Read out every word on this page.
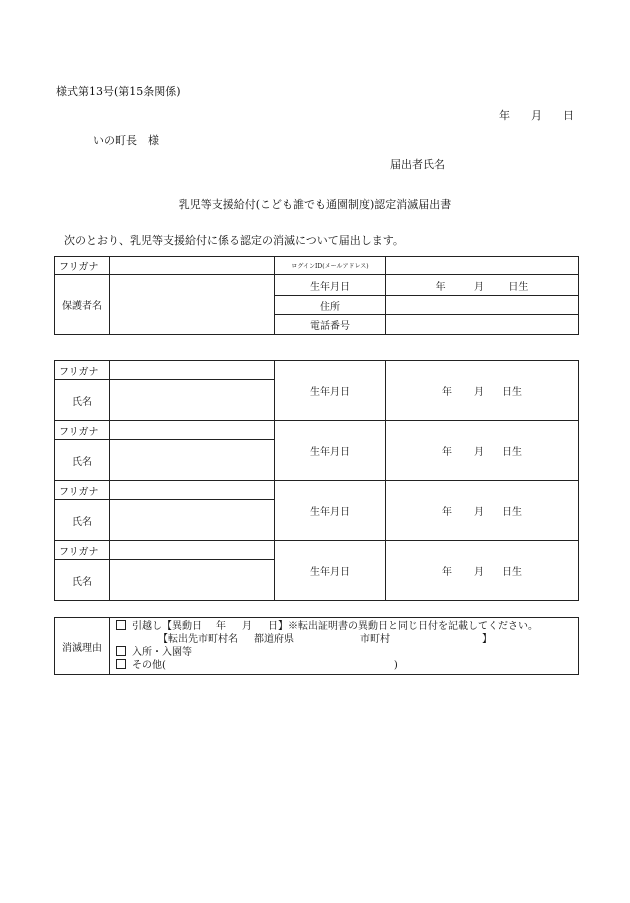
様式第13号(第15条関係)
年 月 日
いの町長　様
届出者氏名
乳児等支援給付(こども誰でも通園制度)認定消滅届出書
次のとおり、乳児等支援給付に係る認定の消滅について届出します。
フリガナ		ログインID(メールアドレス)	
保護者名		生年月日	年 月 日生
		住所	
		電話番号	
フリガナ		生年月日	年 月 日生
氏名			
フリガナ		生年月日	年 月 日生
氏名			
フリガナ		生年月日	年 月 日生
氏名			
フリガナ		生年月日	年 月 日生
氏名			
消滅理由	
引越し【異動日 年 月 日】※転出証明書の異動日と同じ日付を記載してください。
【転出先市町村名 都道府県	市町村	】
入所・入園等
その他(	)
